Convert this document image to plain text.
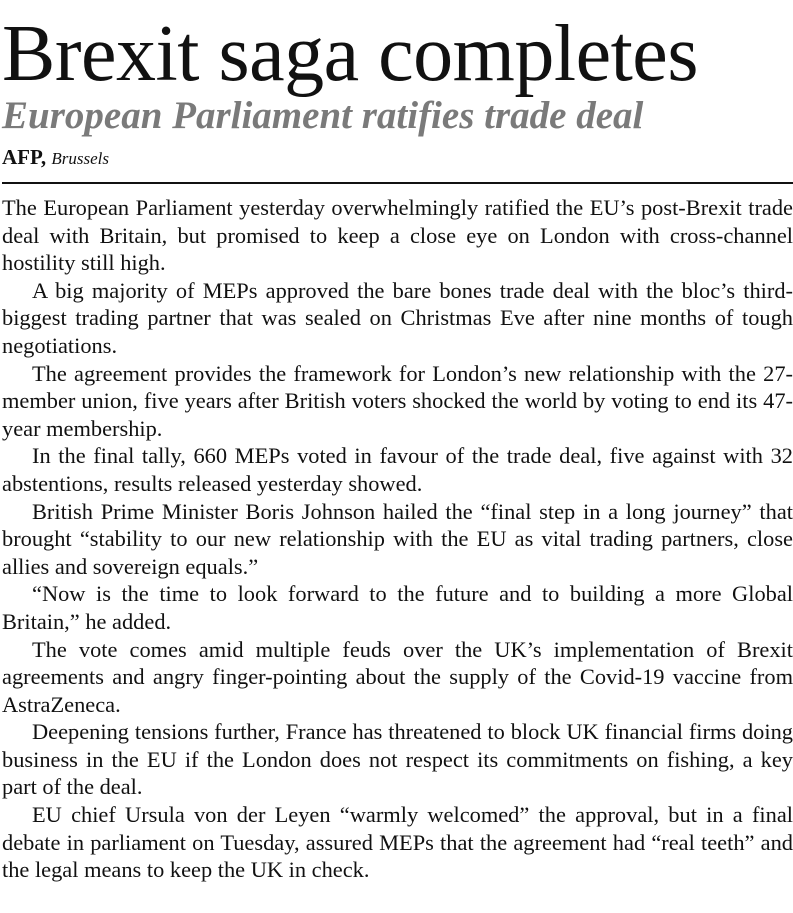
Brexit saga completes
European Parliament ratifies trade deal
AFP, Brussels

The European Parliament yesterday overwhelmingly ratified the EU’s post-Brexit trade deal with Britain, but promised to keep a close eye on London with cross-channel hostility still high.

A big majority of MEPs approved the bare bones trade deal with the bloc’s third-biggest trading partner that was sealed on Christmas Eve after nine months of tough negotiations.

The agreement provides the framework for London’s new relationship with the 27-member union, five years after British voters shocked the world by voting to end its 47-year membership.

In the final tally, 660 MEPs voted in favour of the trade deal, five against with 32 abstentions, results released yesterday showed.

British Prime Minister Boris Johnson hailed the “final step in a long journey” that brought “stability to our new relationship with the EU as vital trading partners, close allies and sovereign equals.”

“Now is the time to look forward to the future and to building a more Global Britain,” he added.

The vote comes amid multiple feuds over the UK’s implementation of Brexit agreements and angry finger-pointing about the supply of the Covid-19 vaccine from AstraZeneca.

Deepening tensions further, France has threatened to block UK financial firms doing business in the EU if the London does not respect its commitments on fishing, a key part of the deal.

EU chief Ursula von der Leyen “warmly welcomed” the approval, but in a final debate in parliament on Tuesday, assured MEPs that the agreement had “real teeth” and the legal means to keep the UK in check.
